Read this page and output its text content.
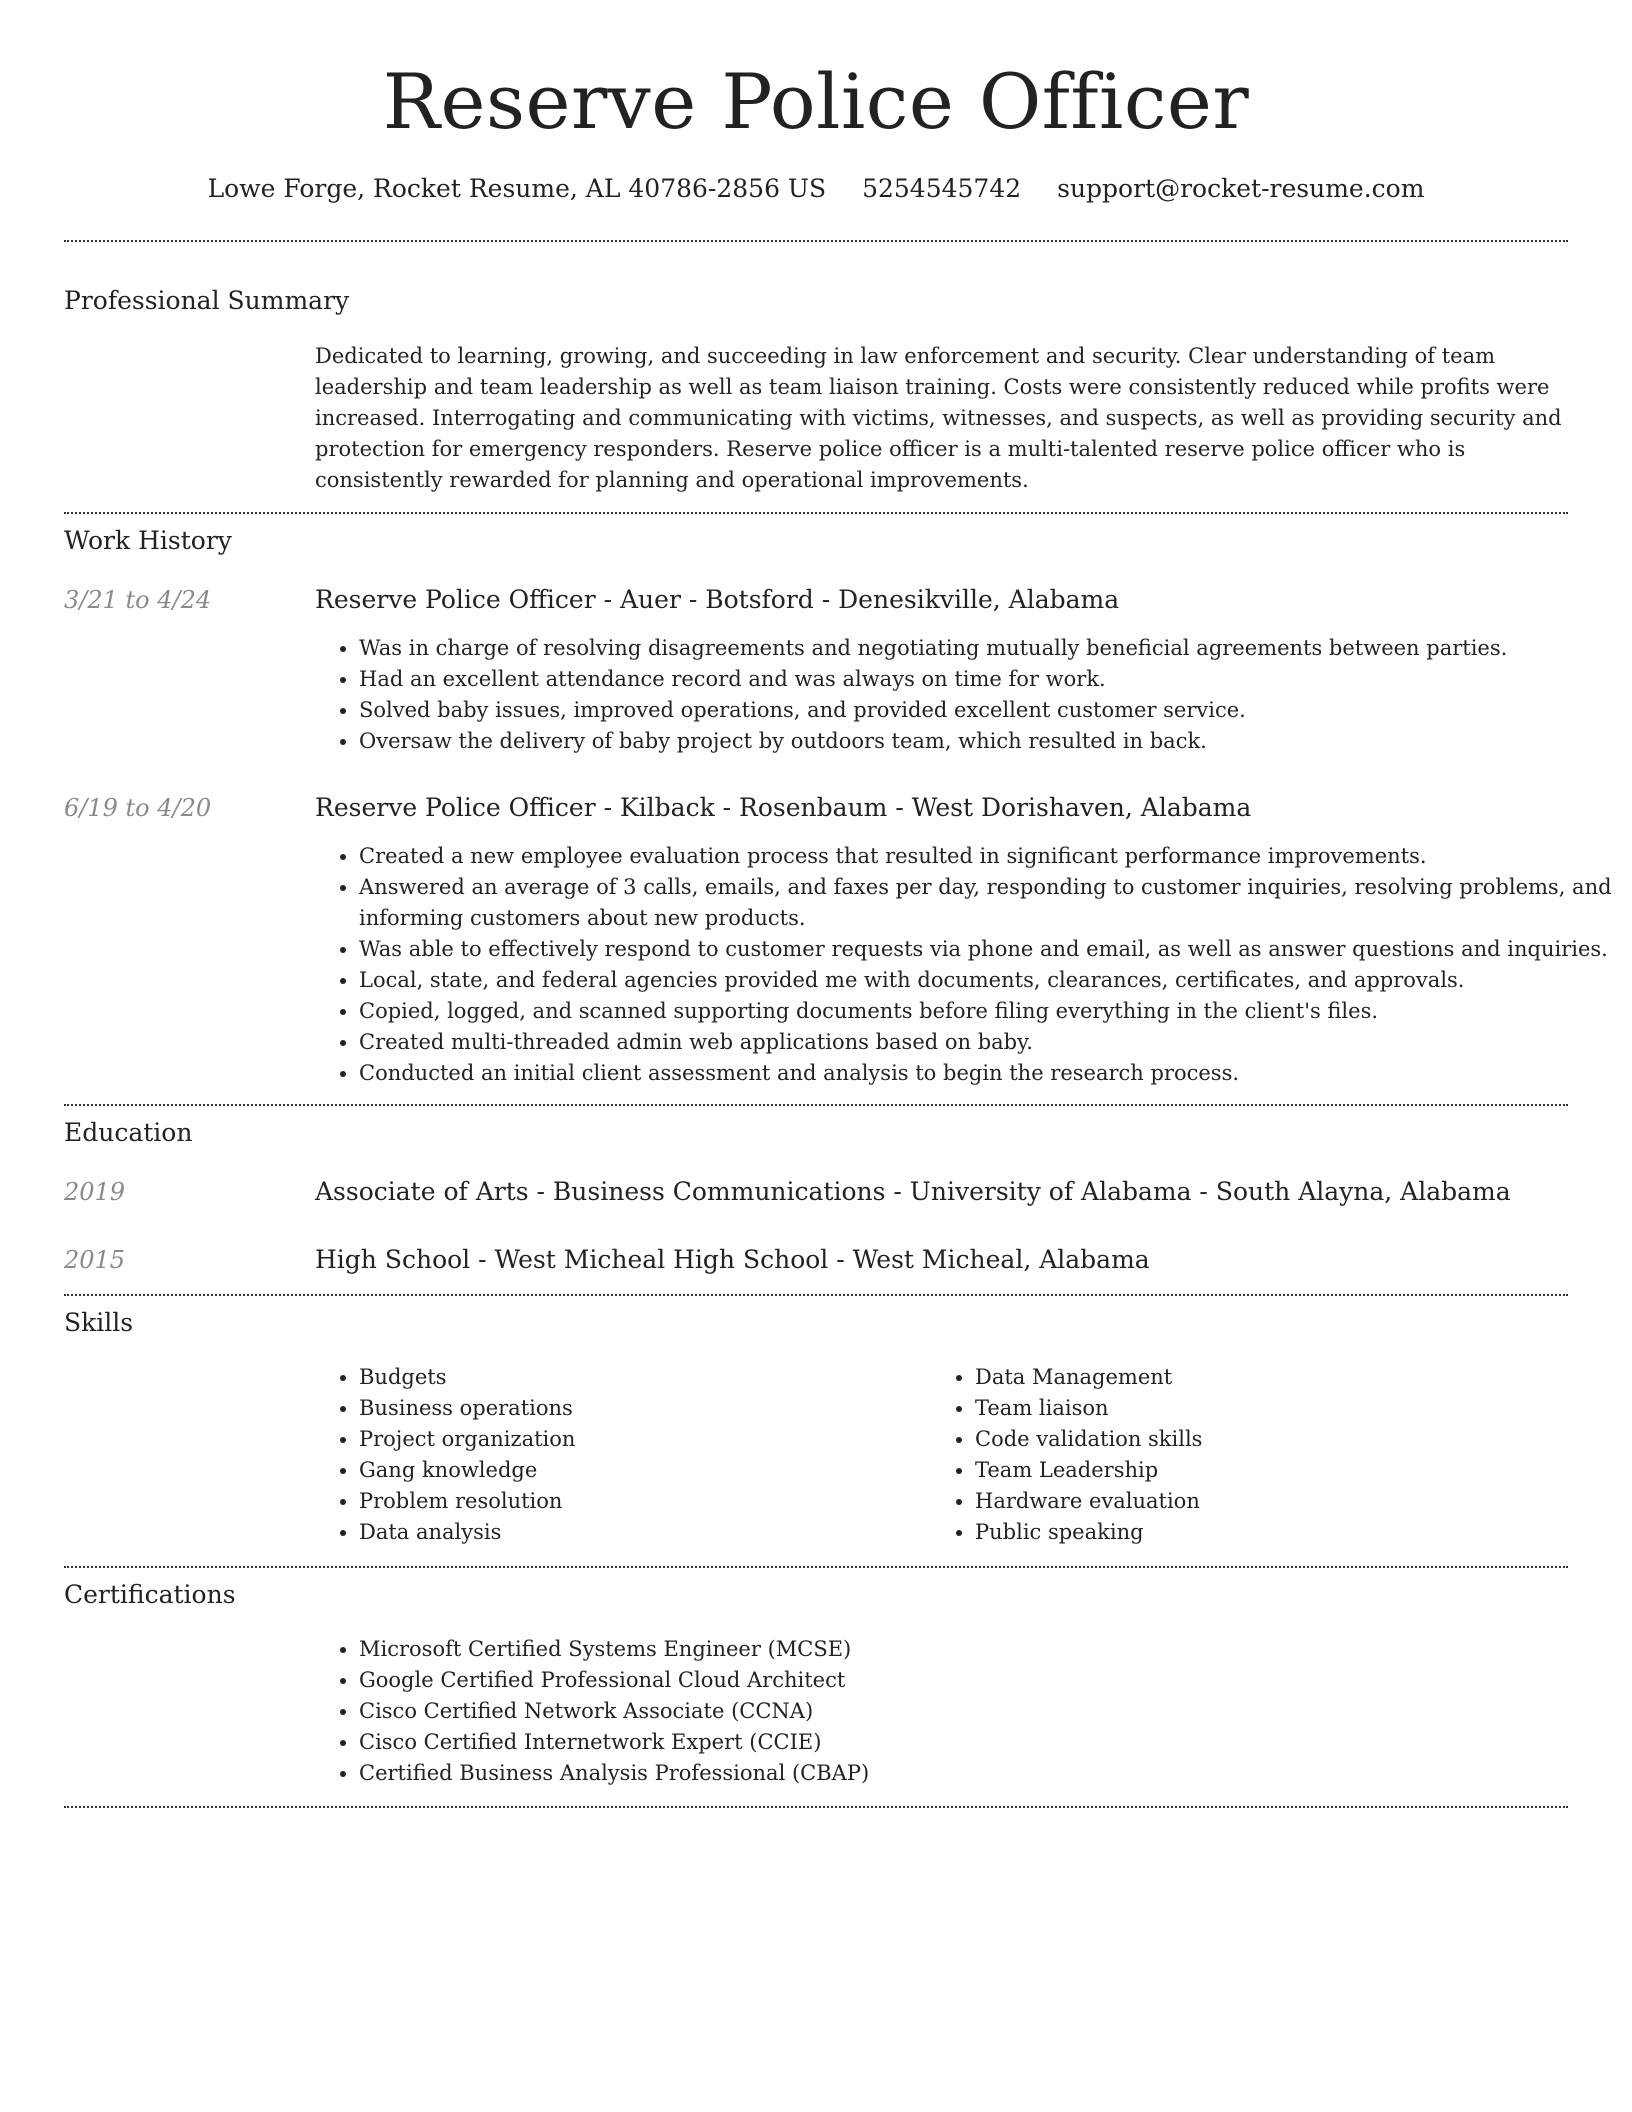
Reserve Police Officer
Lowe Forge, Rocket Resume, AL 40786-2856 US 5254545742 support@rocket-resume.com
Professional Summary

Dedicated to learning, growing, and succeeding in law enforcement and security. Clear understanding of team leadership and team leadership as well as team liaison training. Costs were consistently reduced while profits were increased. Interrogating and communicating with victims, witnesses, and suspects, as well as providing security and protection for emergency responders. Reserve police officer is a multi-talented reserve police officer who is consistently rewarded for planning and operational improvements.

Work History
3/21 to 4/24	Reserve Police Officer - Auer - Botsford - Denesikville, Alabama
• Was in charge of resolving disagreements and negotiating mutually beneficial agreements between parties.
• Had an excellent attendance record and was always on time for work.
• Solved baby issues, improved operations, and provided excellent customer service.
• Oversaw the delivery of baby project by outdoors team, which resulted in back.
6/19 to 4/20	Reserve Police Officer - Kilback - Rosenbaum - West Dorishaven, Alabama
• Created a new employee evaluation process that resulted in significant performance improvements.
• Answered an average of 3 calls, emails, and faxes per day, responding to customer inquiries, resolving problems, and informing customers about new products.
• Was able to effectively respond to customer requests via phone and email, as well as answer questions and inquiries.
• Local, state, and federal agencies provided me with documents, clearances, certificates, and approvals.
• Copied, logged, and scanned supporting documents before filing everything in the client's files.
• Created multi-threaded admin web applications based on baby.
• Conducted an initial client assessment and analysis to begin the research process.
Education
2019	Associate of Arts - Business Communications - University of Alabama - South Alayna, Alabama
2015	High School - West Micheal High School - West Micheal, Alabama
Skills
• Budgets
• Business operations
• Project organization
• Gang knowledge
• Problem resolution
• Data analysis
• Data Management
• Team liaison
• Code validation skills
• Team Leadership
• Hardware evaluation
• Public speaking
Certifications
• Microsoft Certified Systems Engineer (MCSE)
• Google Certified Professional Cloud Architect
• Cisco Certified Network Associate (CCNA)
• Cisco Certified Internetwork Expert (CCIE)
• Certified Business Analysis Professional (CBAP)
